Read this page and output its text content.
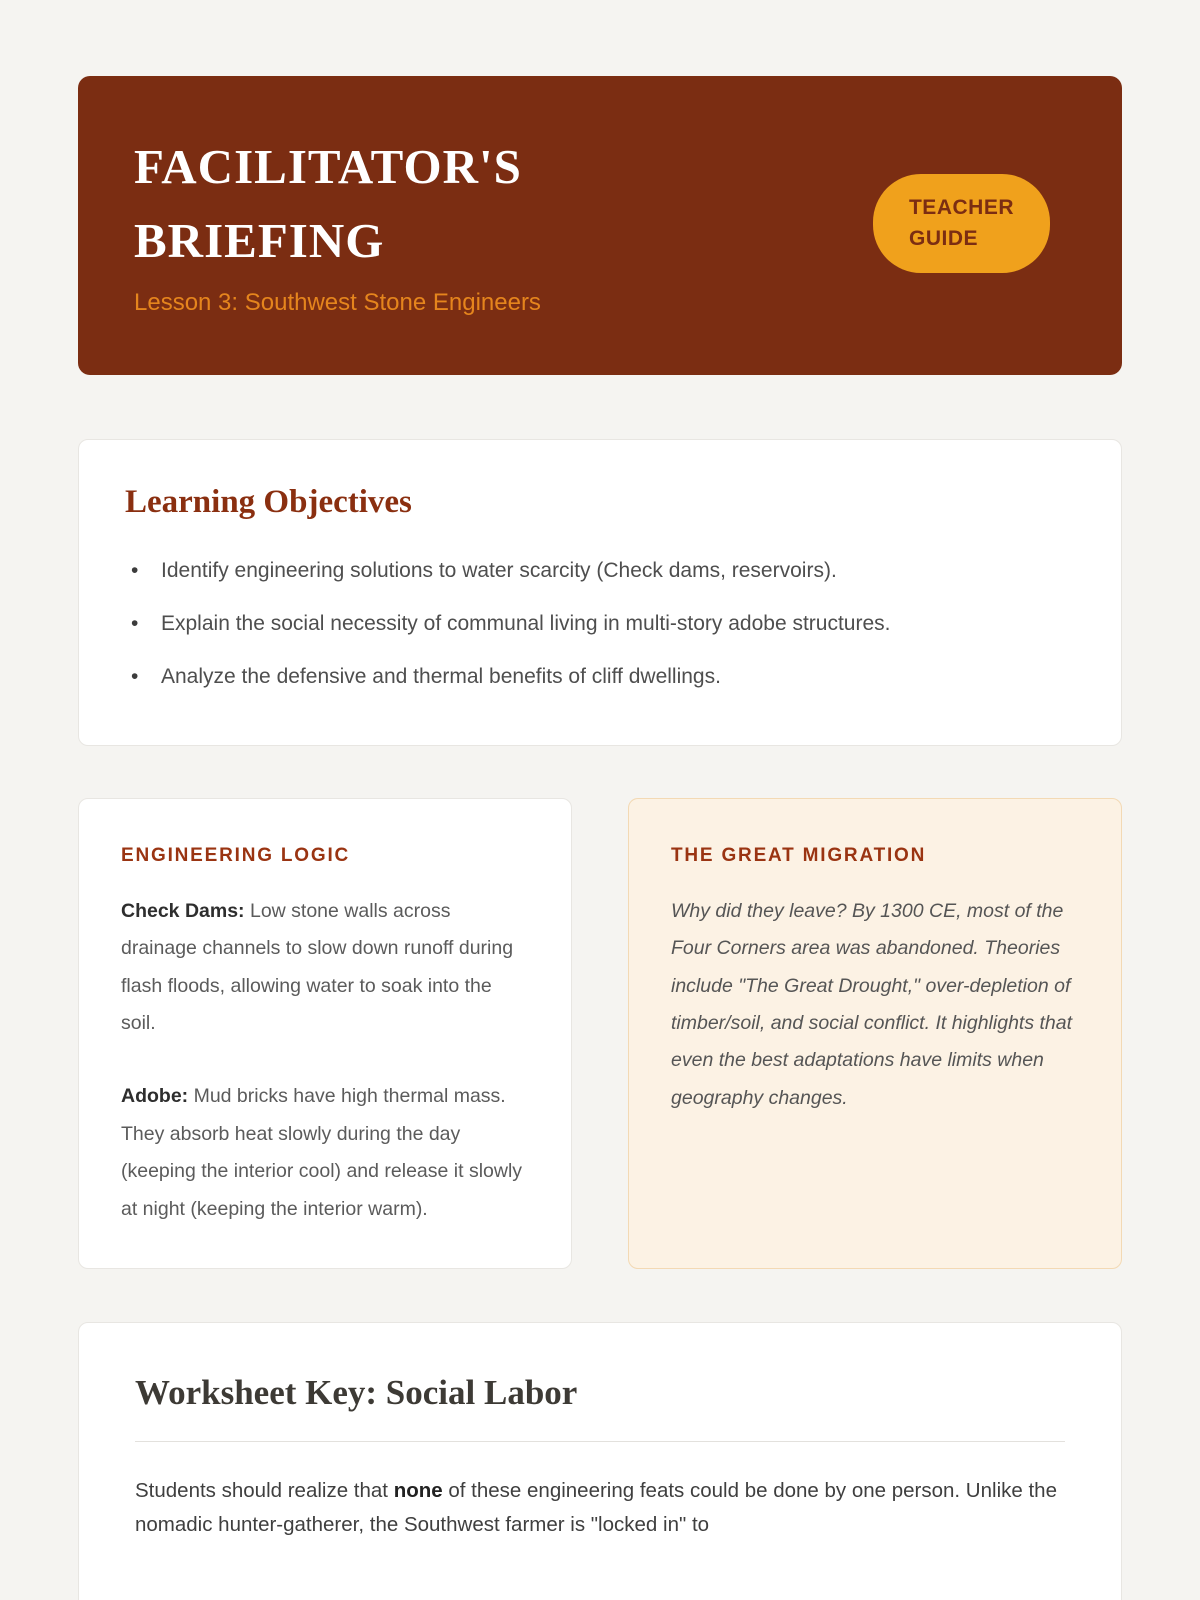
FACILITATOR'S BRIEFING
Lesson 3: Southwest Stone Engineers
TEACHER
GUIDE
Learning Objectives
• Identify engineering solutions to water scarcity (Check dams, reservoirs).
• Explain the social necessity of communal living in multi-story adobe structures.
• Analyze the defensive and thermal benefits of cliff dwellings.
ENGINEERING LOGIC
Check Dams: Low stone walls across drainage channels to slow down runoff during flash floods, allowing water to soak into the soil.
Adobe: Mud bricks have high thermal mass. They absorb heat slowly during the day (keeping the interior cool) and release it slowly at night (keeping the interior warm).
THE GREAT MIGRATION
Why did they leave? By 1300 CE, most of the Four Corners area was abandoned. Theories include "The Great Drought," over-depletion of timber/soil, and social conflict. It highlights that even the best adaptations have limits when geography changes.
Worksheet Key: Social Labor
Students should realize that none of these engineering feats could be done by one person. Unlike the nomadic hunter-gatherer, the Southwest farmer is "locked in" to
